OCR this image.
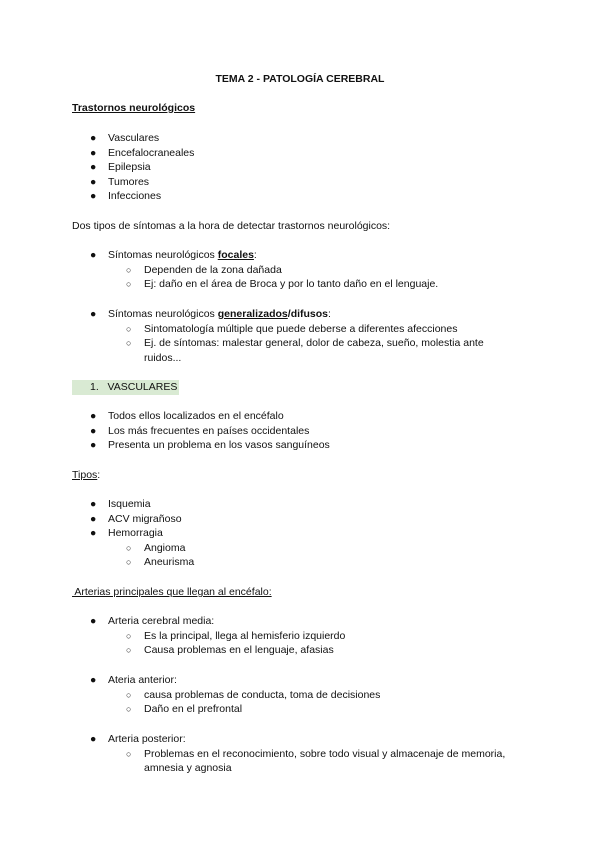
TEMA 2 - PATOLOGÍA CEREBRAL
Trastornos neurológicos
●	Vasculares
●	Encefalocraneales
●	Epilepsia
●	Tumores
●	Infecciones
Dos tipos de síntomas a la hora de detectar trastornos neurológicos:
●	Síntomas neurológicos focales:
○ Dependen de la zona dañada
○ Ej: daño en el área de Broca y por lo tanto daño en el lenguaje.
●	Síntomas neurológicos generalizados/difusos:
○ Sintomatología múltiple que puede deberse a diferentes afecciones
○ Ej. de síntomas: malestar general, dolor de cabeza, sueño, molestia ante ruidos...
1. VASCULARES
●	Todos ellos localizados en el encéfalo
●	Los más frecuentes en países occidentales
●	Presenta un problema en los vasos sanguíneos
Tipos:
●	Isquemia
●	ACV migrañoso
●	Hemorragia
○ Angioma
○ Aneurisma
Arterias principales que llegan al encéfalo:
●	Arteria cerebral media:
○ Es la principal, llega al hemisferio izquierdo
○ Causa problemas en el lenguaje, afasias
●	Ateria anterior:
○ causa problemas de conducta, toma de decisiones
○ Daño en el prefrontal
●	Arteria posterior:
○ Problemas en el reconocimiento, sobre todo visual y almacenaje de memoria, amnesia y agnosia
